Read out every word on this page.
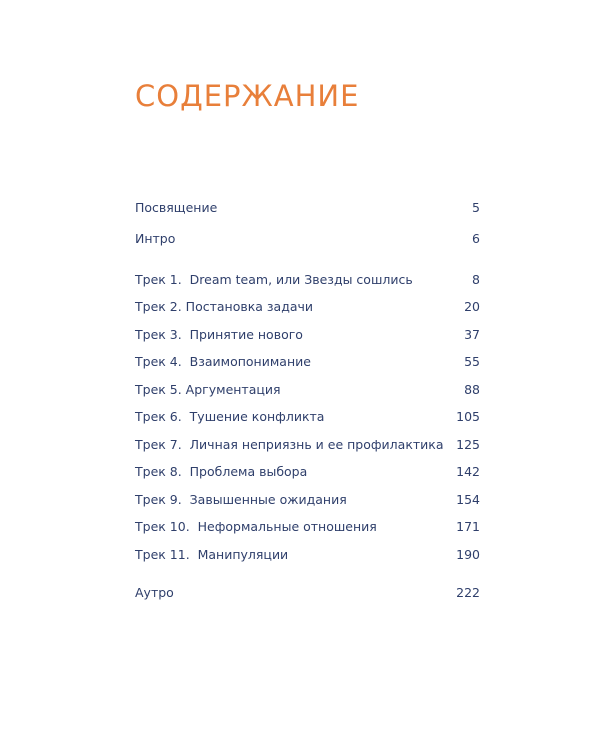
СОДЕРЖАНИЕ
Посвящение	5
Интро	6
Трек 1.  Dream team, или Звезды сошлись	8
Трек 2. Постановка задачи	20
Трек 3.  Принятие нового	37
Трек 4.  Взаимопонимание	55
Трек 5. Аргументация	88
Трек 6.  Тушение конфликта	105
Трек 7.  Личная неприязнь и ее профилактика 125
Трек 8.  Проблема выбора	142
Трек 9.  Завышенные ожидания	154
Трек 10.  Неформальные отношения	171
Трек 11.  Манипуляции	190
Аутро	222
